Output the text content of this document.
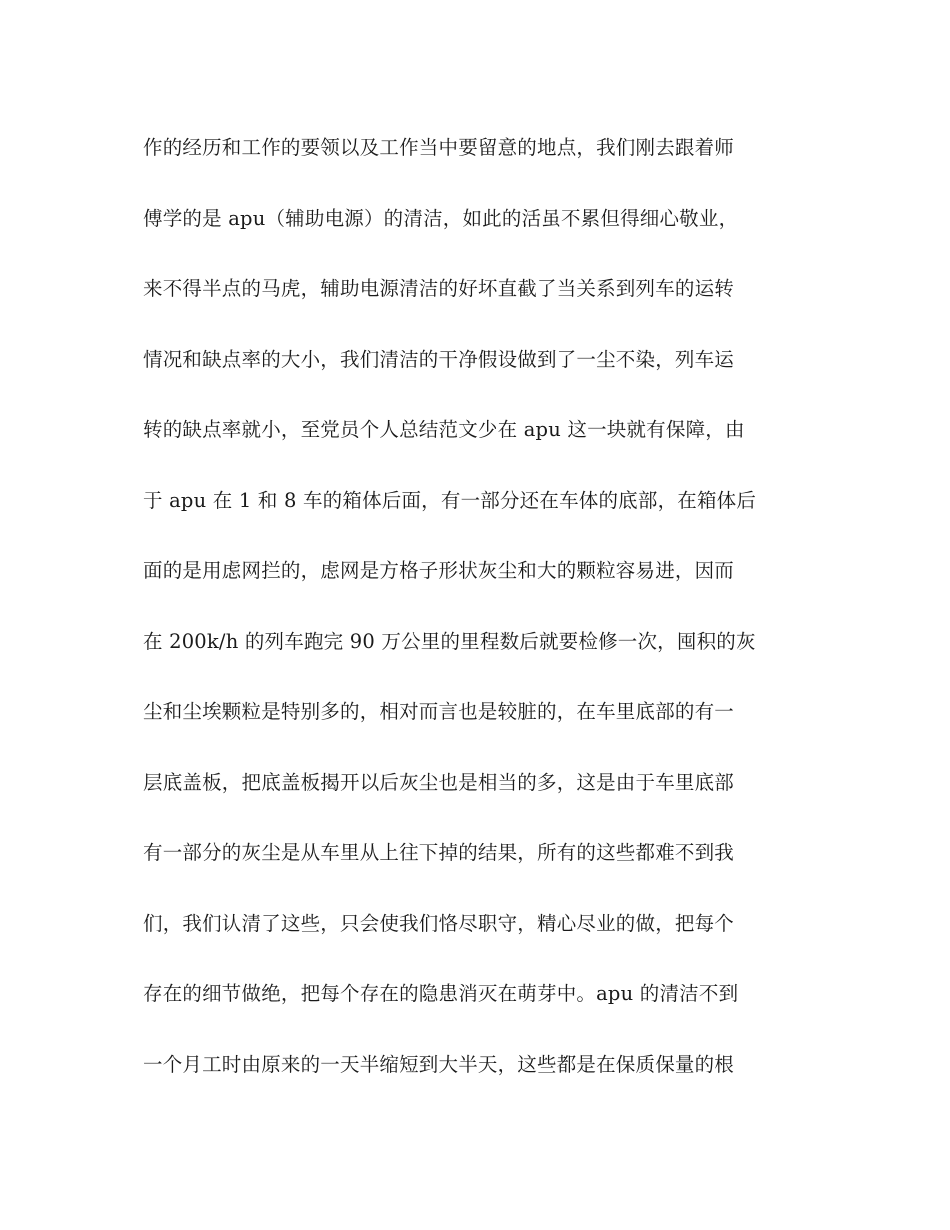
作的经历和工作的要领以及工作当中要留意的地点，我们刚去跟着师
傅学的是 apu（辅助电源）的清洁，如此的活虽不累但得细心敬业，
来不得半点的马虎，辅助电源清洁的好坏直截了当关系到列车的运转
情况和缺点率的大小，我们清洁的干净假设做到了一尘不染，列车运
转的缺点率就小，至党员个人总结范文少在 apu 这一块就有保障，由
于 apu 在 1 和 8 车的箱体后面，有一部分还在车体的底部，在箱体后
面的是用虑网拦的，虑网是方格子形状灰尘和大的颗粒容易进，因而
在 200k/h 的列车跑完 90 万公里的里程数后就要检修一次，囤积的灰
尘和尘埃颗粒是特别多的，相对而言也是较脏的，在车里底部的有一
层底盖板，把底盖板揭开以后灰尘也是相当的多，这是由于车里底部
有一部分的灰尘是从车里从上往下掉的结果，所有的这些都难不到我
们，我们认清了这些，只会使我们恪尽职守，精心尽业的做，把每个
存在的细节做绝，把每个存在的隐患消灭在萌芽中。apu 的清洁不到
一个月工时由原来的一天半缩短到大半天，这些都是在保质保量的根
